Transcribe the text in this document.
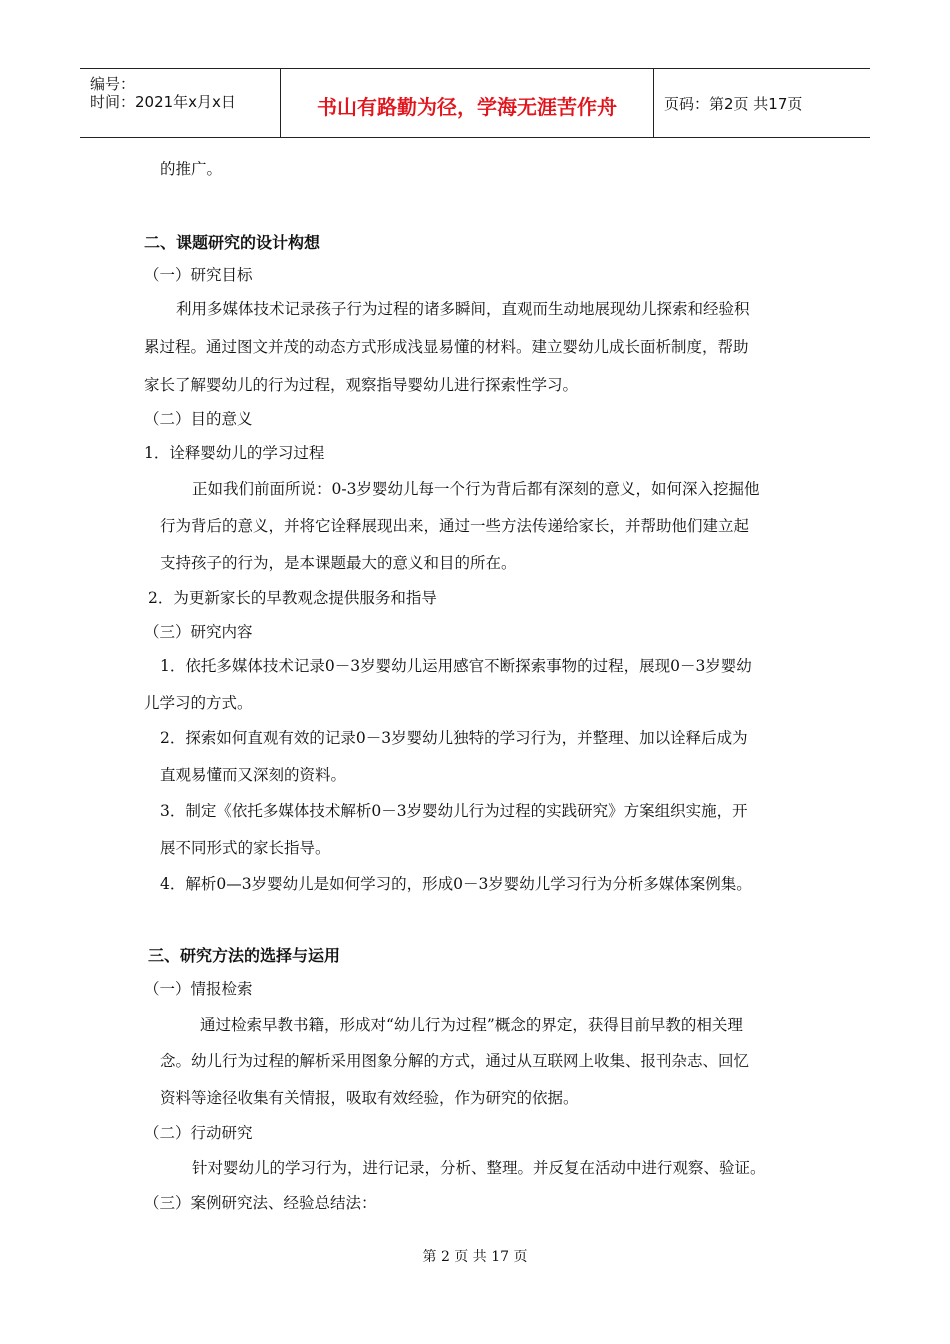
编号：
时间：2021年x月x日	书山有路勤为径，学海无涯苦作舟	页码：第2页 共17页
的推广。
二、课题研究的设计构想
（一）研究目标
利用多媒体技术记录孩子行为过程的诸多瞬间，直观而生动地展现幼儿探索和经验积
累过程。通过图文并茂的动态方式形成浅显易懂的材料。建立婴幼儿成长面析制度，帮助
家长了解婴幼儿的行为过程，观察指导婴幼儿进行探索性学习。
（二）目的意义
1．诠释婴幼儿的学习过程
正如我们前面所说：0-3岁婴幼儿每一个行为背后都有深刻的意义，如何深入挖掘他
行为背后的意义，并将它诠释展现出来，通过一些方法传递给家长，并帮助他们建立起
支持孩子的行为，是本课题最大的意义和目的所在。
2．为更新家长的早教观念提供服务和指导
（三）研究内容
1．依托多媒体技术记录0－3岁婴幼儿运用感官不断探索事物的过程，展现0－3岁婴幼
儿学习的方式。
2．探索如何直观有效的记录0－3岁婴幼儿独特的学习行为，并整理、加以诠释后成为
直观易懂而又深刻的资料。
3．制定《依托多媒体技术解析0－3岁婴幼儿行为过程的实践研究》方案组织实施，开
展不同形式的家长指导。
4．解析0—3岁婴幼儿是如何学习的，形成0－3岁婴幼儿学习行为分析多媒体案例集。
三、研究方法的选择与运用
（一）情报检索
通过检索早教书籍，形成对“幼儿行为过程”概念的界定，获得目前早教的相关理
念。幼儿行为过程的解析采用图象分解的方式，通过从互联网上收集、报刊杂志、回忆
资料等途径收集有关情报，吸取有效经验，作为研究的依据。
（二）行动研究
针对婴幼儿的学习行为，进行记录，分析、整理。并反复在活动中进行观察、验证。
（三）案例研究法、经验总结法：
第 2 页 共 17 页
